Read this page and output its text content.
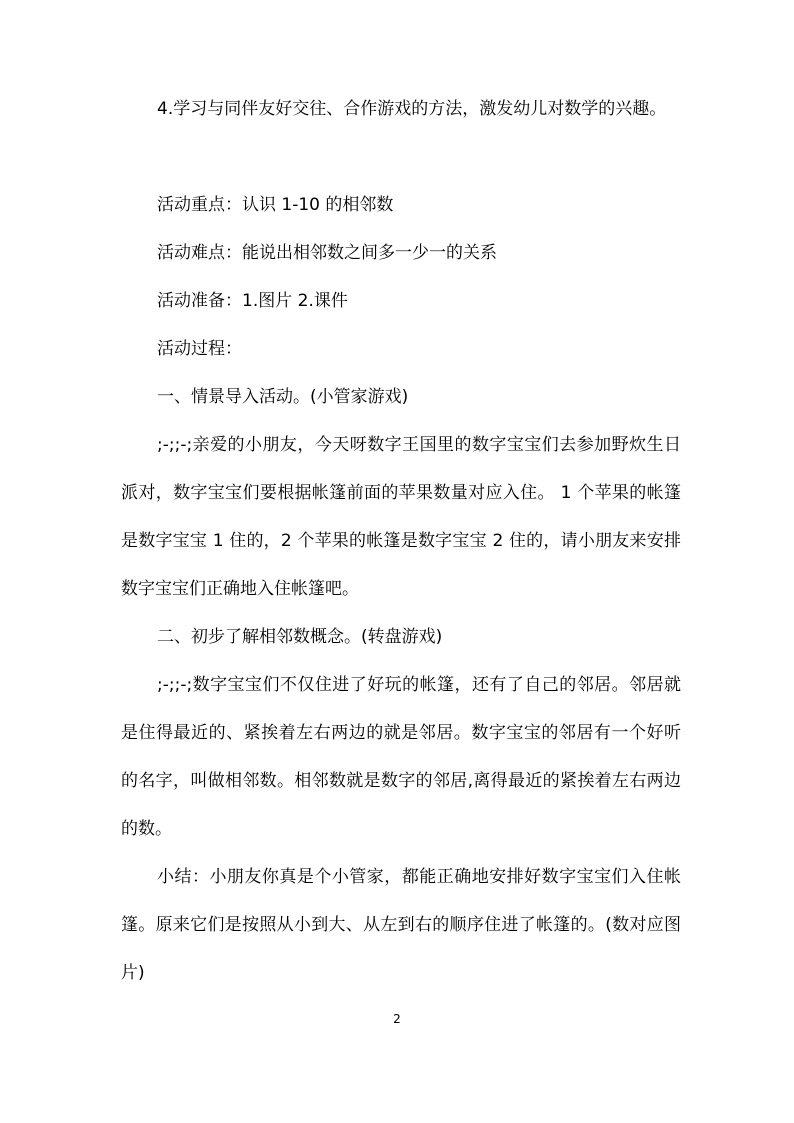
4.学习与同伴友好交往、合作游戏的方法，激发幼儿对数学的兴趣。

活动重点：认识 1-10 的相邻数

活动难点：能说出相邻数之间多一少一的关系

活动准备：1.图片 2.课件

活动过程：

一、情景导入活动。(小管家游戏)

;-;;-;亲爱的小朋友，今天呀数字王国里的数字宝宝们去参加野炊生日派对，数字宝宝们要根据帐篷前面的苹果数量对应入住。 1 个苹果的帐篷是数字宝宝 1 住的，2 个苹果的帐篷是数字宝宝 2 住的，请小朋友来安排数字宝宝们正确地入住帐篷吧。

二、初步了解相邻数概念。(转盘游戏)

;-;;-;数字宝宝们不仅住进了好玩的帐篷，还有了自己的邻居。邻居就是住得最近的、紧挨着左右两边的就是邻居。数字宝宝的邻居有一个好听的名字，叫做相邻数。相邻数就是数字的邻居,离得最近的紧挨着左右两边的数。

小结：小朋友你真是个小管家，都能正确地安排好数字宝宝们入住帐篷。原来它们是按照从小到大、从左到右的顺序住进了帐篷的。(数对应图片)

2
